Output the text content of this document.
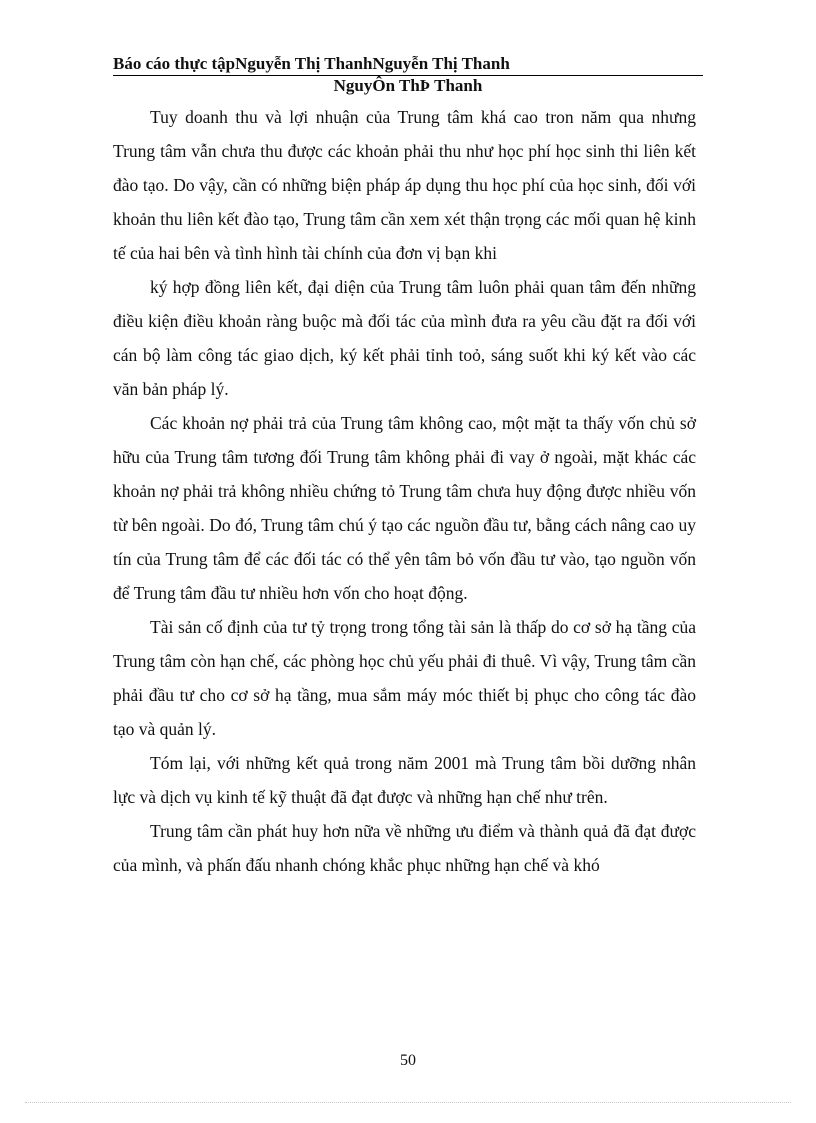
Báo cáo thực tậpNguyễn Thị ThanhNguyễn Thị Thanh
NguyÔn ThÞ Thanh

Tuy doanh thu và lợi nhuận của Trung tâm khá cao tron năm qua nhưng Trung tâm vẫn chưa thu được các khoản phải thu như học phí học sinh thi liên kết đào tạo. Do vậy, cần có những biện pháp áp dụng thu học phí của học sinh, đối với khoản thu liên kết đào tạo, Trung tâm cần xem xét thận trọng các mối quan hệ kinh tế của hai bên và tình hình tài chính của đơn vị bạn khi

ký hợp đồng liên kết, đại diện của Trung tâm luôn phải quan tâm đến những điều kiện điều khoản ràng buộc mà đối tác của mình đưa ra yêu cầu đặt ra đối với cán bộ làm công tác giao dịch, ký kết phải tỉnh toỏ, sáng suốt khi ký kết vào các văn bản pháp lý.

Các khoản nợ phải trả của Trung tâm không cao, một mặt ta thấy vốn chủ sở hữu của Trung tâm tương đối Trung tâm không phải đi vay ở ngoài, mặt khác các khoản nợ phải trả không nhiều chứng tỏ Trung tâm chưa huy động được nhiều vốn từ bên ngoài. Do đó, Trung tâm chú ý tạo các nguồn đầu tư, bằng cách nâng cao uy tín của Trung tâm để các đối tác có thể yên tâm bỏ vốn đầu tư vào, tạo nguồn vốn để Trung tâm đầu tư nhiều hơn vốn cho hoạt động.

Tài sản cố định của tư tỷ trọng trong tổng tài sản là thấp do cơ sở hạ tầng của Trung tâm còn hạn chế, các phòng học chủ yếu phải đi thuê. Vì vậy, Trung tâm cần phải đầu tư cho cơ sở hạ tầng, mua sắm máy móc thiết bị phục cho công tác đào tạo và quản lý.

Tóm lại, với những kết quả trong năm 2001 mà Trung tâm bồi dưỡng nhân lực và dịch vụ kinh tế kỹ thuật đã đạt được và những hạn chế như trên.

Trung tâm cần phát huy hơn nữa về những ưu điểm và thành quả đã đạt được của mình, và phấn đấu nhanh chóng khắc phục những hạn chế và khó

50
